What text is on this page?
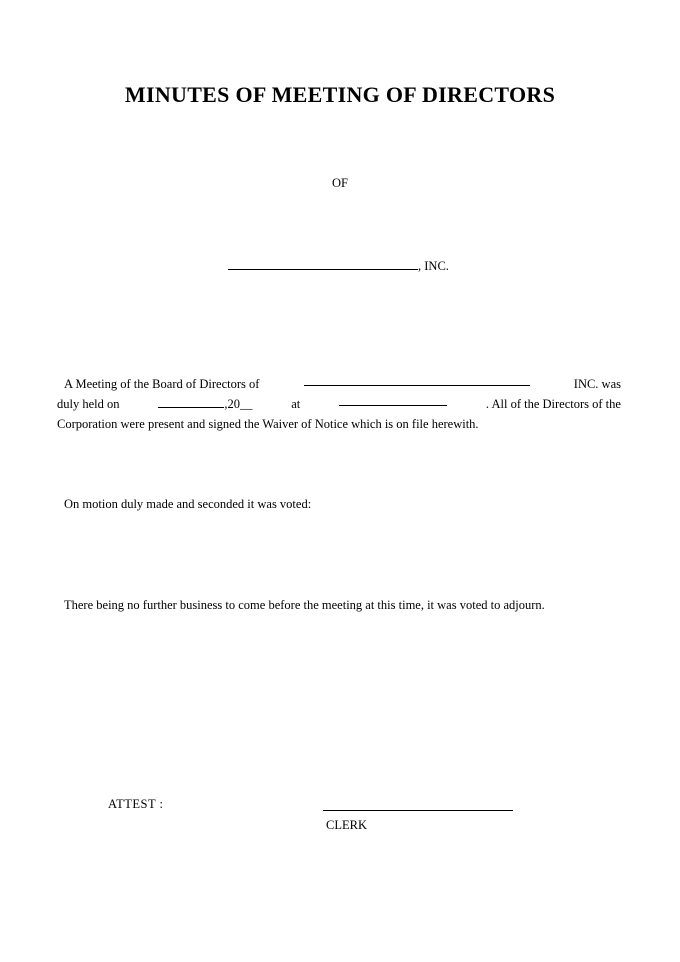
MINUTES OF MEETING OF DIRECTORS
OF
, INC.
A Meeting of the Board of Directors of	INC. was
duly held on	,20__	at	. All of the Directors of the
Corporation were present and signed the Waiver of Notice which is on file herewith.
On motion duly made and seconded it was voted:
There being no further business to come before the meeting at this time, it was voted to adjourn.
ATTEST :
CLERK
